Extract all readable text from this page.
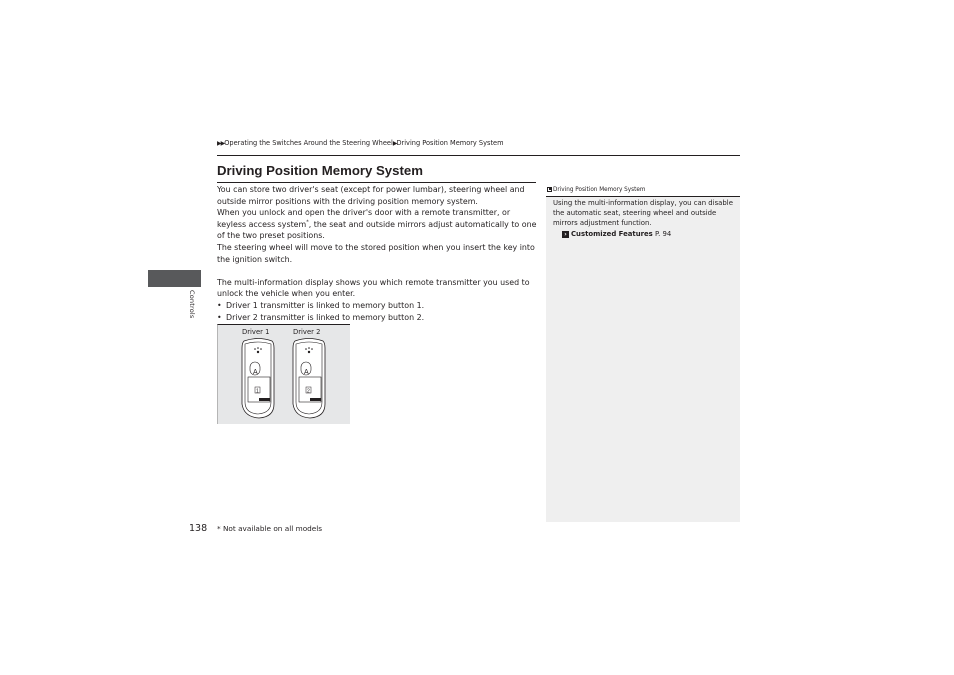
▶▶Operating the Switches Around the Steering Wheel▶Driving Position Memory System
Controls
Driving Position Memory System

You can store two driver's seat (except for power lumbar), steering wheel and outside mirror positions with the driving position memory system.

When you unlock and open the driver's door with a remote transmitter, or keyless access system*, the seat and outside mirrors adjust automatically to one of the two preset positions.

The steering wheel will move to the stored position when you insert the key into the ignition switch.

The multi-information display shows you which remote transmitter you used to unlock the vehicle when you enter.

• Driver 1 transmitter is linked to memory button 1.
• Driver 2 transmitter is linked to memory button 2.
Driver 1	Driver 2
A
1
A
2
Driving Position Memory System

Using the multi-information display, you can disable the automatic seat, steering wheel and outside mirrors adjustment function.

› Customized Features P. 94

138 * Not available on all models
